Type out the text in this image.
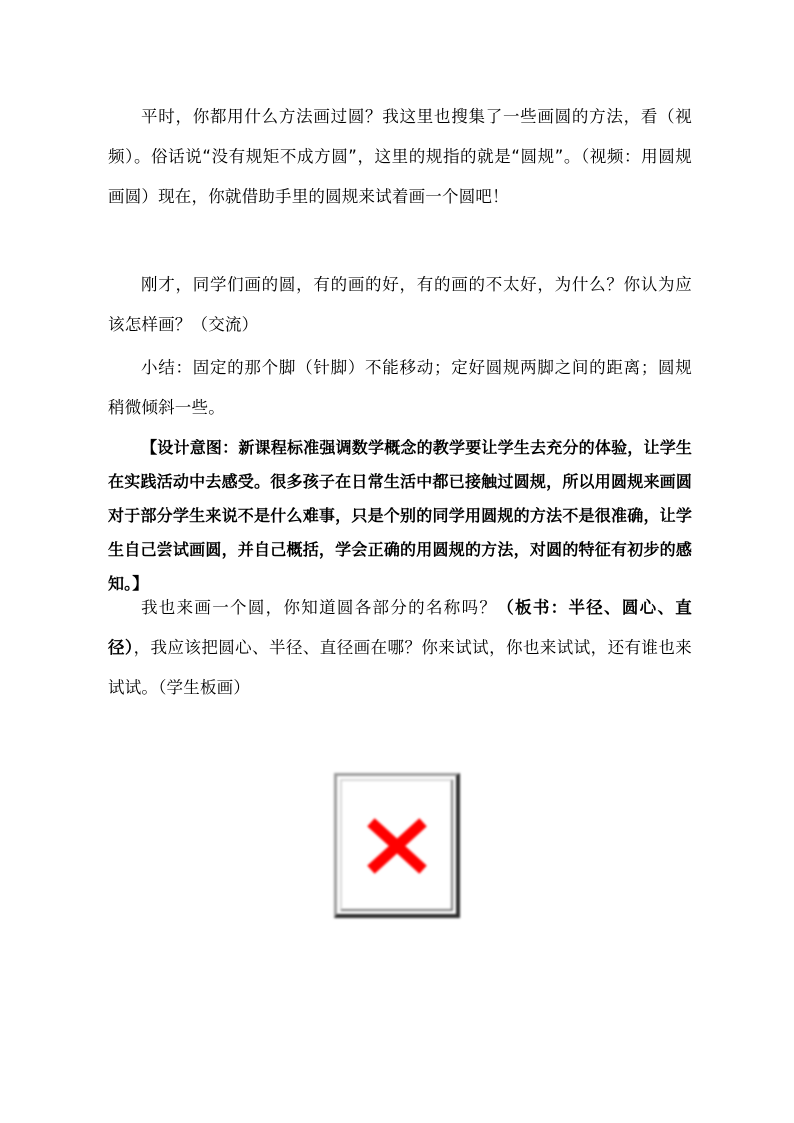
平时，你都用什么方法画过圆？我这里也搜集了一些画圆的方法，看（视频）。俗话说“没有规矩不成方圆”，这里的规指的就是“圆规”。（视频：用圆规画圆）现在，你就借助手里的圆规来试着画一个圆吧！

刚才，同学们画的圆，有的画的好，有的画的不太好，为什么？你认为应该怎样画？（交流）

小结：固定的那个脚（针脚）不能移动；定好圆规两脚之间的距离；圆规稍微倾斜一些。

【设计意图：新课程标准强调数学概念的教学要让学生去充分的体验，让学生在实践活动中去感受。很多孩子在日常生活中都已接触过圆规，所以用圆规来画圆对于部分学生来说不是什么难事，只是个别的同学用圆规的方法不是很准确，让学生自己尝试画圆，并自己概括，学会正确的用圆规的方法，对圆的特征有初步的感知。】

我也来画一个圆，你知道圆各部分的名称吗？（板书：半径、圆心、直径），我应该把圆心、半径、直径画在哪？你来试试，你也来试试，还有谁也来试试。（学生板画）
